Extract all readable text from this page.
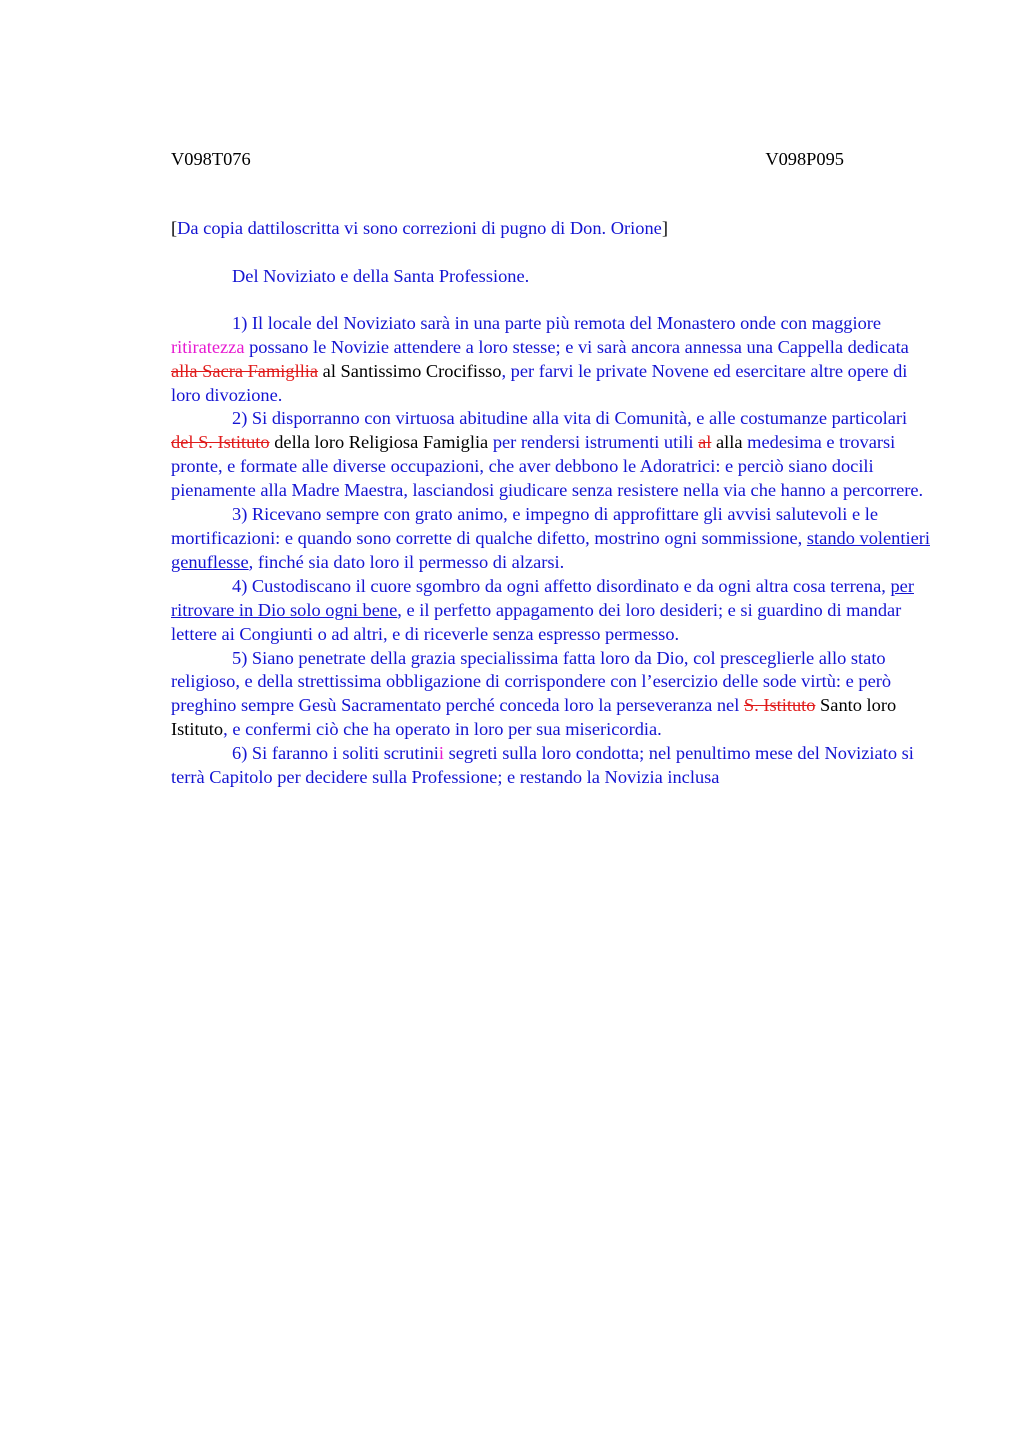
V098T076	V098P095

[Da copia dattiloscritta vi sono correzioni di pugno di Don. Orione]

Del Noviziato e della Santa Professione.

1) Il locale del Noviziato sarà in una parte più remota del Monastero onde con maggiore ritiratezza possano le Novizie attendere a loro stesse; e vi sarà ancora annessa una Cappella dedicata alla Sacra Famigllia al Santissimo Crocifisso, per farvi le private Novene ed esercitare altre opere di loro divozione.

2) Si disporranno con virtuosa abitudine alla vita di Comunità, e alle costumanze particolari del S. Istituto della loro Religiosa Famiglia per rendersi istrumenti utili al alla medesima e trovarsi pronte, e formate alle diverse occupazioni, che aver debbono le Adoratrici: e perciò siano docili pienamente alla Madre Maestra, lasciandosi giudicare senza resistere nella via che hanno a percorrere.

3) Ricevano sempre con grato animo, e impegno di approfittare gli avvisi salutevoli e le mortificazioni: e quando sono corrette di qualche difetto, mostrino ogni sommissione, stando volentieri genuflesse, finché sia dato loro il permesso di alzarsi.

4) Custodiscano il cuore sgombro da ogni affetto disordinato e da ogni altra cosa terrena, per ritrovare in Dio solo ogni bene, e il perfetto appagamento dei loro desideri; e si guardino di mandar lettere ai Congiunti o ad altri, e di riceverle senza espresso permesso.

5) Siano penetrate della grazia specialissima fatta loro da Dio, col presceglierle allo stato religioso, e della strettissima obbligazione di corrispondere con l’esercizio delle sode virtù: e però preghino sempre Gesù Sacramentato perché conceda loro la perseveranza nel S. Istituto Santo loro Istituto, e confermi ciò che ha operato in loro per sua misericordia.

6) Si faranno i soliti scrutinii segreti sulla loro condotta; nel penultimo mese del Noviziato si terrà Capitolo per decidere sulla Professione; e restando la Novizia inclusa
